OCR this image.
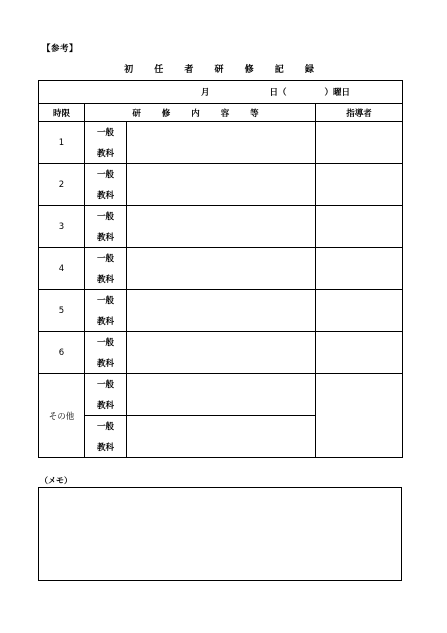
【参考】
初 任 者 研 修 記 録
月 日（ ）曜日			
時限	研 修 内 容 等		指導者
1	一般		
	教科		
2	一般		
	教科		
3	一般		
	教科		
4	一般		
	教科		
5	一般		
	教科		
6	一般		
	教科		
その他	一般		
	教科		
	一般		
	教科		
（メモ）
